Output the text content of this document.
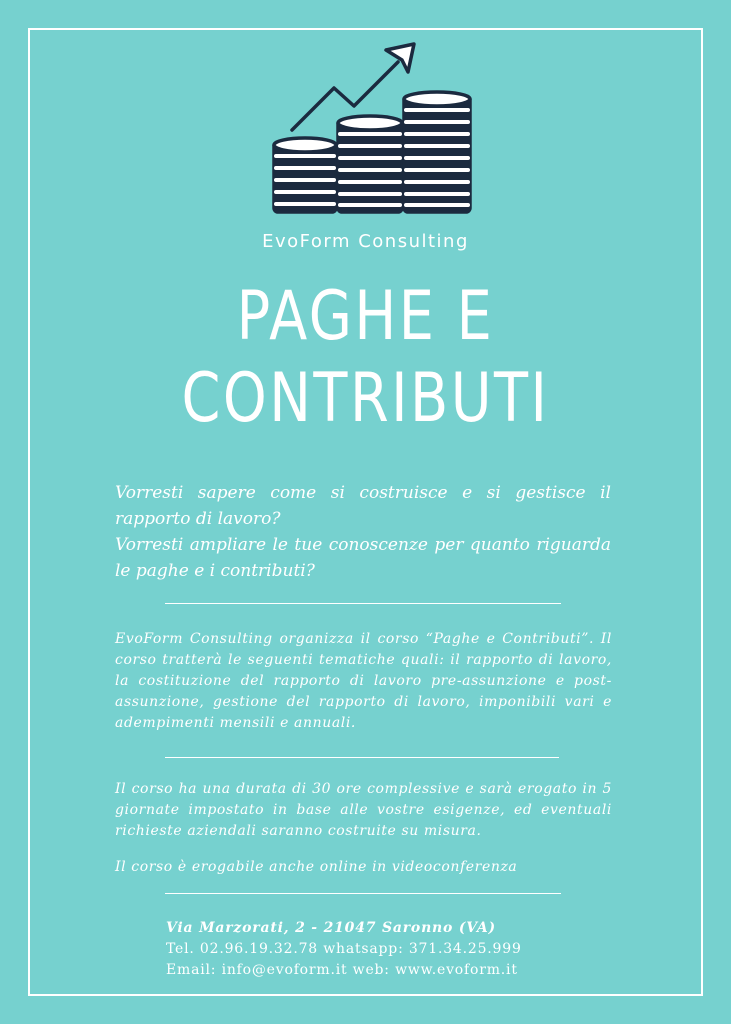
EvoForm Consulting
PAGHE E
CONTRIBUTI

Vorresti sapere come si costruisce e si gestisce il rapporto di lavoro?

Vorresti ampliare le tue conoscenze per quanto riguarda le paghe e i contributi?

EvoForm Consulting organizza il corso “Paghe e Contributi”. Il corso tratterà le seguenti tematiche quali: il rapporto di lavoro, la costituzione del rapporto di lavoro pre-assunzione e post-assunzione, gestione del rapporto di lavoro, imponibili vari e adempimenti mensili e annuali.

Il corso ha una durata di 30 ore complessive e sarà erogato in 5 giornate impostato in base alle vostre esigenze, ed eventuali richieste aziendali saranno costruite su misura.

Il corso è erogabile anche online in videoconferenza

Via Marzorati, 2 - 21047 Saronno (VA)
Tel. 02.96.19.32.78 whatsapp: 371.34.25.999
Email: info@evoform.it web: www.evoform.it
